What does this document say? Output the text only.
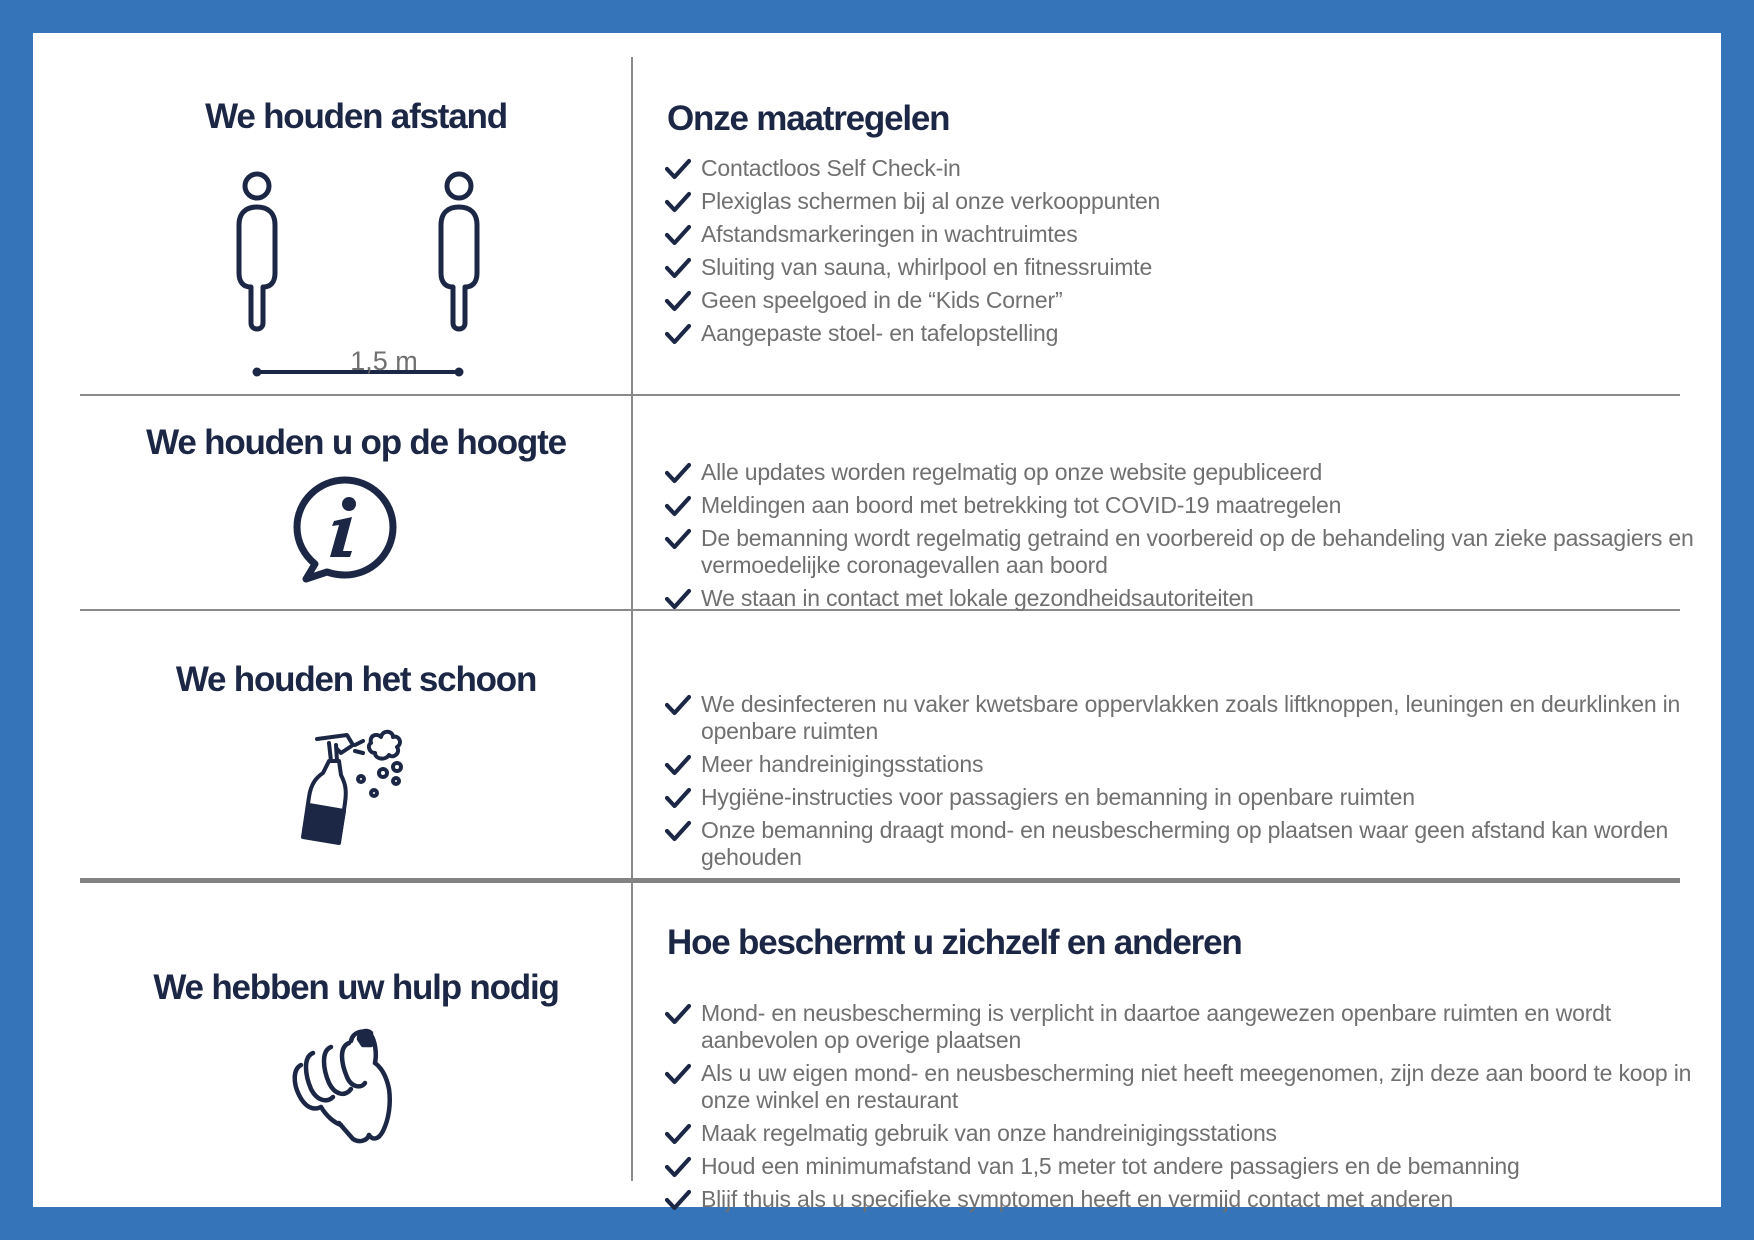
We houden afstand
1,5 m
Onze maatregelen
Contactloos Self Check-in
Plexiglas schermen bij al onze verkooppunten
Afstandsmarkeringen in wachtruimtes
Sluiting van sauna, whirlpool en fitnessruimte
Geen speelgoed in de “Kids Corner”
Aangepaste stoel- en tafelopstelling
We houden u op de hoogte
Alle updates worden regelmatig op onze website gepubliceerd
Meldingen aan boord met betrekking tot COVID-19 maatregelen
De bemanning wordt regelmatig getraind en voorbereid op de behandeling van zieke passagiers en vermoedelijke coronagevallen aan boord
We staan in contact met lokale gezondheidsautoriteiten
We houden het schoon
We desinfecteren nu vaker kwetsbare oppervlakken zoals liftknoppen, leuningen en deurklinken in openbare ruimten
Meer handreinigingsstations
Hygiëne-instructies voor passagiers en bemanning in openbare ruimten
Onze bemanning draagt mond- en neusbescherming op plaatsen waar geen afstand kan worden gehouden
We hebben uw hulp nodig
Hoe beschermt u zichzelf en anderen
Mond- en neusbescherming is verplicht in daartoe aangewezen openbare ruimten en wordt aanbevolen op overige plaatsen
Als u uw eigen mond- en neusbescherming niet heeft meegenomen, zijn deze aan boord te koop in onze winkel en restaurant
Maak regelmatig gebruik van onze handreinigingsstations
Houd een minimumafstand van 1,5 meter tot andere passagiers en de bemanning
Blijf thuis als u specifieke symptomen heeft en vermijd contact met anderen
